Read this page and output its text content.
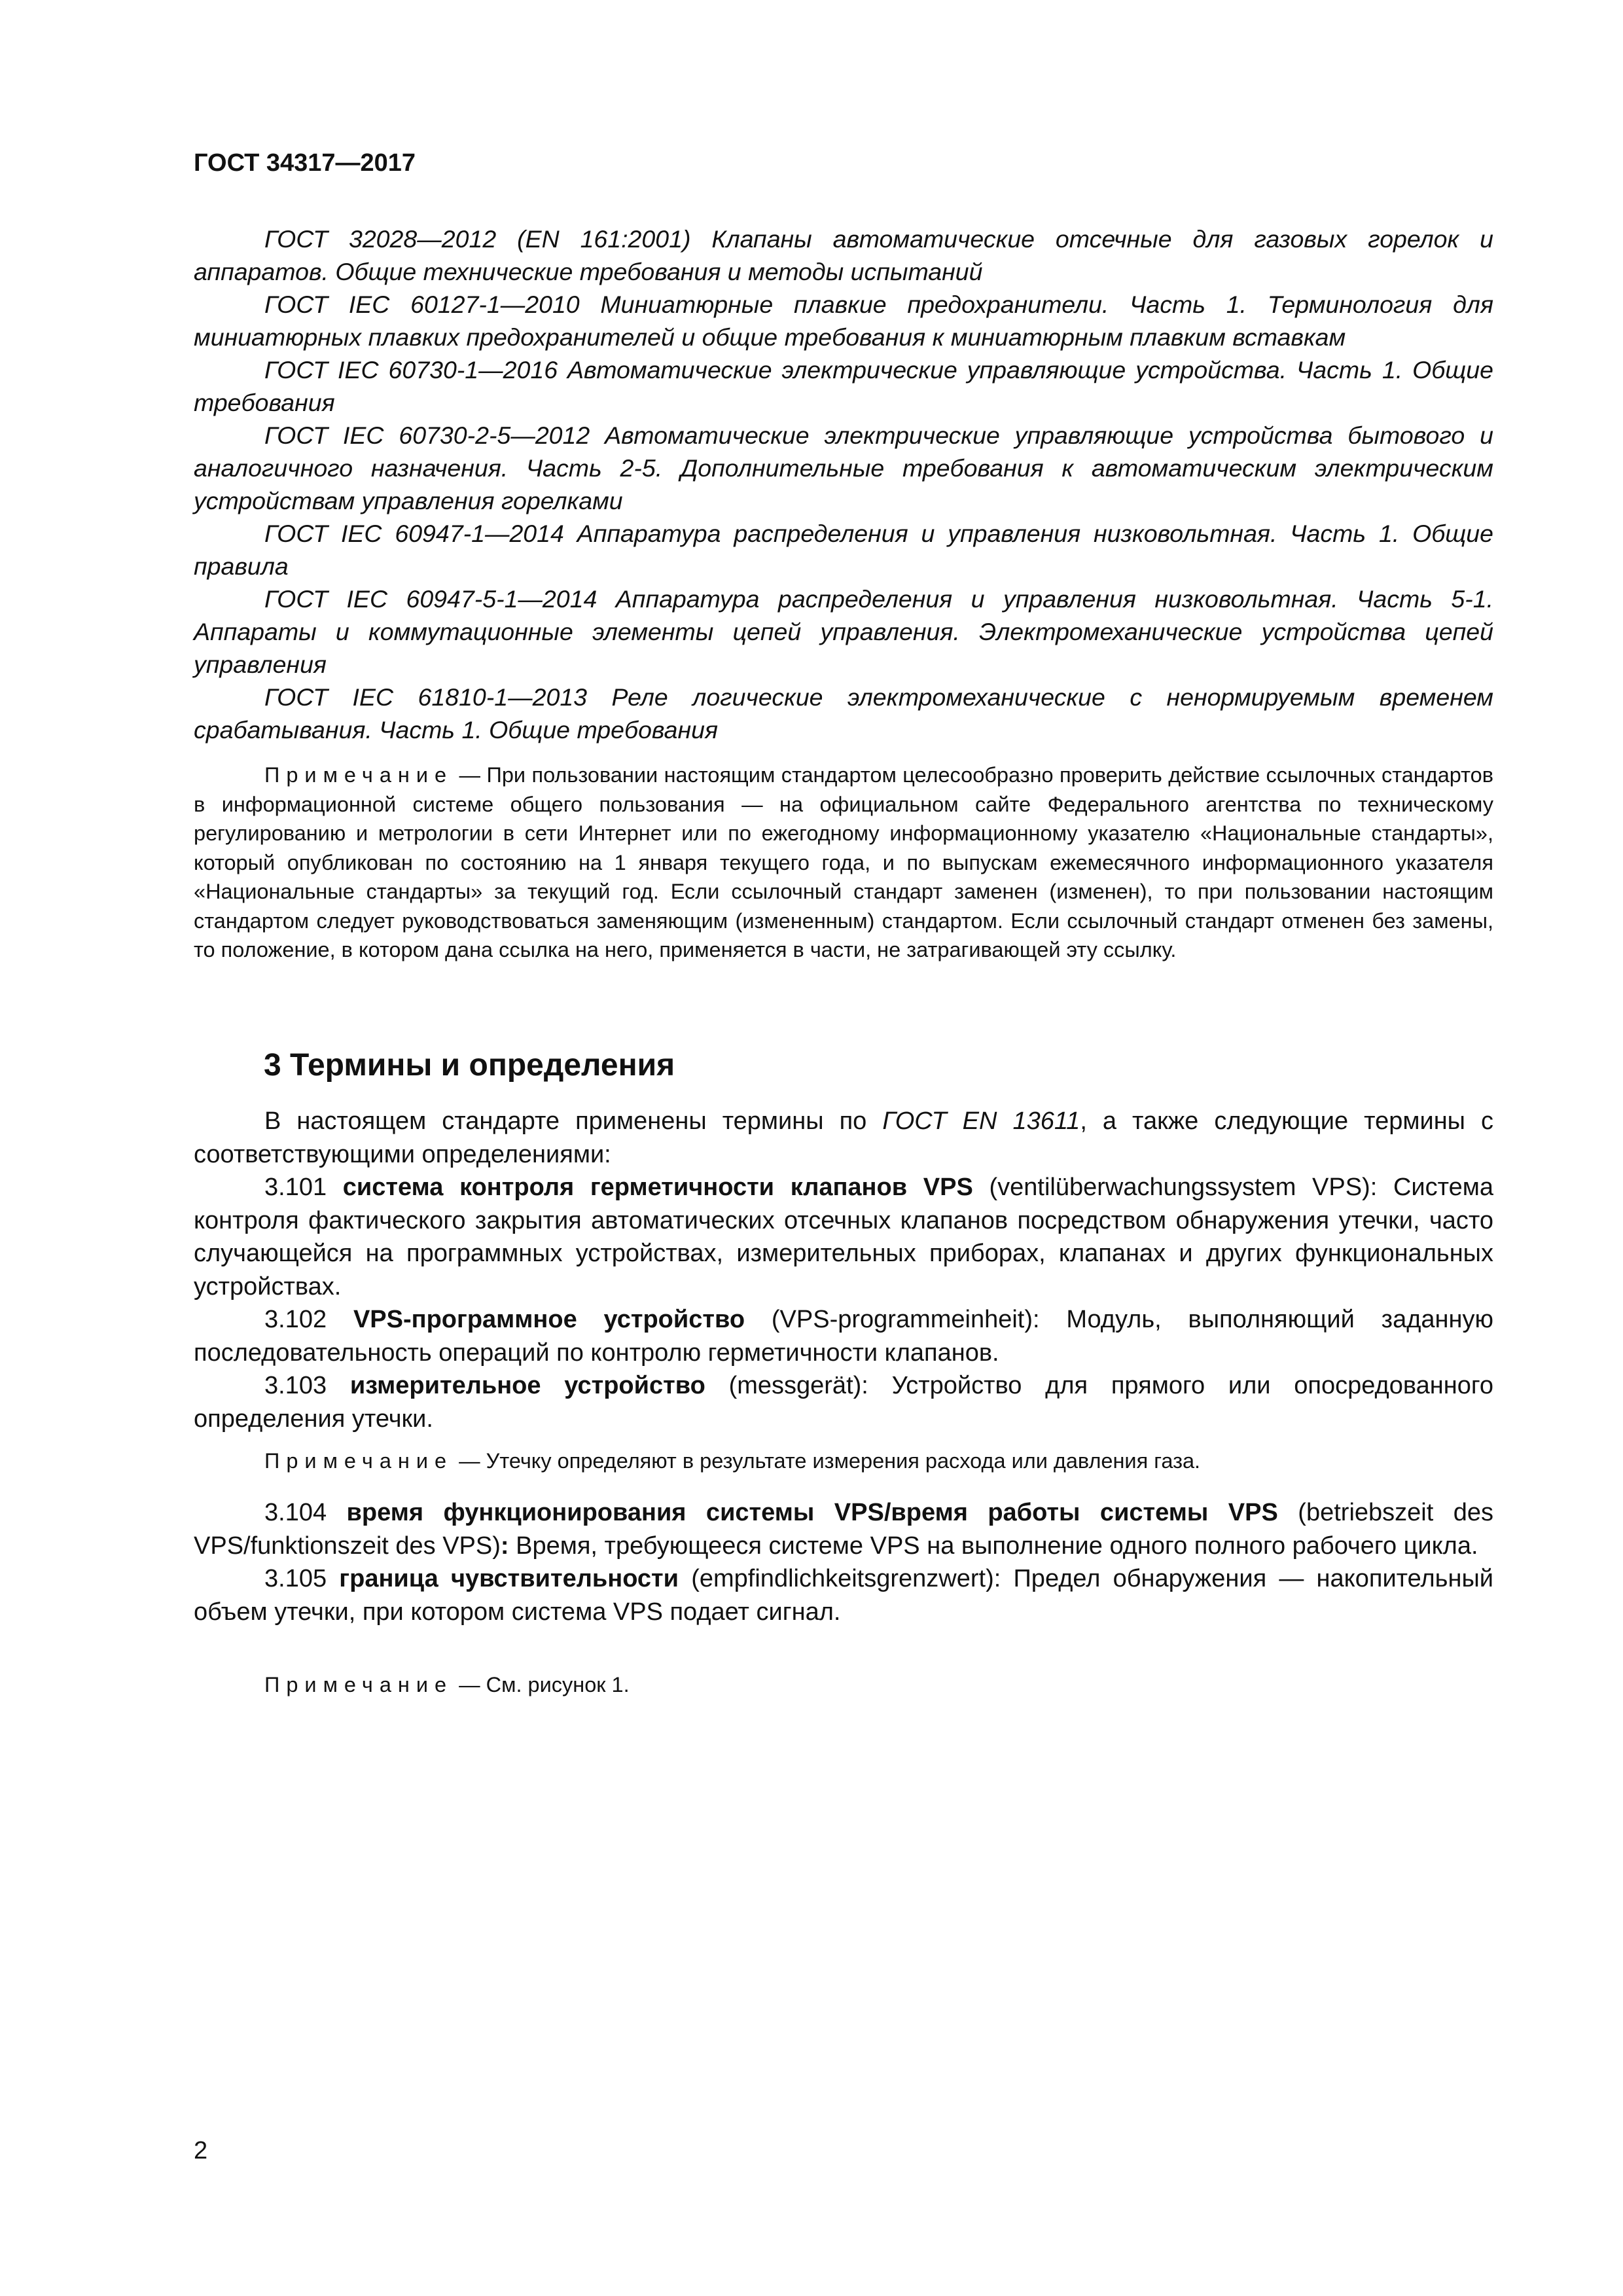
ГОСТ 34317—2017

ГОСТ 32028—2012 (EN 161:2001) Клапаны автоматические отсечные для газовых горелок и аппаратов. Общие технические требования и методы испытаний

ГОСТ IEC 60127-1—2010 Миниатюрные плавкие предохранители. Часть 1. Терминология для миниатюрных плавких предохранителей и общие требования к миниатюрным плавким вставкам

ГОСТ IEC 60730-1—2016 Автоматические электрические управляющие устройства. Часть 1. Общие требования

ГОСТ IEC 60730-2-5—2012 Автоматические электрические управляющие устройства бытового и аналогичного назначения. Часть 2-5. Дополнительные требования к автоматическим электрическим устройствам управления горелками

ГОСТ IEC 60947-1—2014 Аппаратура распределения и управления низковольтная. Часть 1. Общие правила

ГОСТ IEC 60947-5-1—2014 Аппаратура распределения и управления низковольтная. Часть 5-1. Аппараты и коммутационные элементы цепей управления. Электромеханические устройства цепей управления

ГОСТ IEC 61810-1—2013 Реле логические электромеханические с ненормируемым временем срабатывания. Часть 1. Общие требования

Примечание — При пользовании настоящим стандартом целесообразно проверить действие ссылочных стандартов в информационной системе общего пользования — на официальном сайте Федерального агентства по техническому регулированию и метрологии в сети Интернет или по ежегодному информационному указателю «Национальные стандарты», который опубликован по состоянию на 1 января текущего года, и по выпускам ежемесячного информационного указателя «Национальные стандарты» за текущий год. Если ссылочный стандарт заменен (изменен), то при пользовании настоящим стандартом следует руководствоваться заменяющим (измененным) стандартом. Если ссылочный стандарт отменен без замены, то положение, в котором дана ссылка на него, применяется в части, не затрагивающей эту ссылку.

3 Термины и определения

В настоящем стандарте применены термины по ГОСТ EN 13611, а также следующие термины с соответствующими определениями:

3.101 система контроля герметичности клапанов VPS (ventilüberwachungssystem VPS): Система контроля фактического закрытия автоматических отсечных клапанов посредством обнаружения утечки, часто случающейся на программных устройствах, измерительных приборах, клапанах и других функциональных устройствах.

3.102 VPS-программное устройство (VPS-programmeinheit): Модуль, выполняющий заданную последовательность операций по контролю герметичности клапанов.

3.103 измерительное устройство (messgerät): Устройство для прямого или опосредованного определения утечки.

Примечание — Утечку определяют в результате измерения расхода или давления газа.

3.104 время функционирования системы VPS/время работы системы VPS (betriebszeit des VPS/funktionszeit des VPS): Время, требующееся системе VPS на выполнение одного полного рабочего цикла.

3.105 граница чувствительности (empfindlichkeitsgrenzwert): Предел обнаружения — накопительный объем утечки, при котором система VPS подает сигнал.

Примечание — См. рисунок 1.

2
